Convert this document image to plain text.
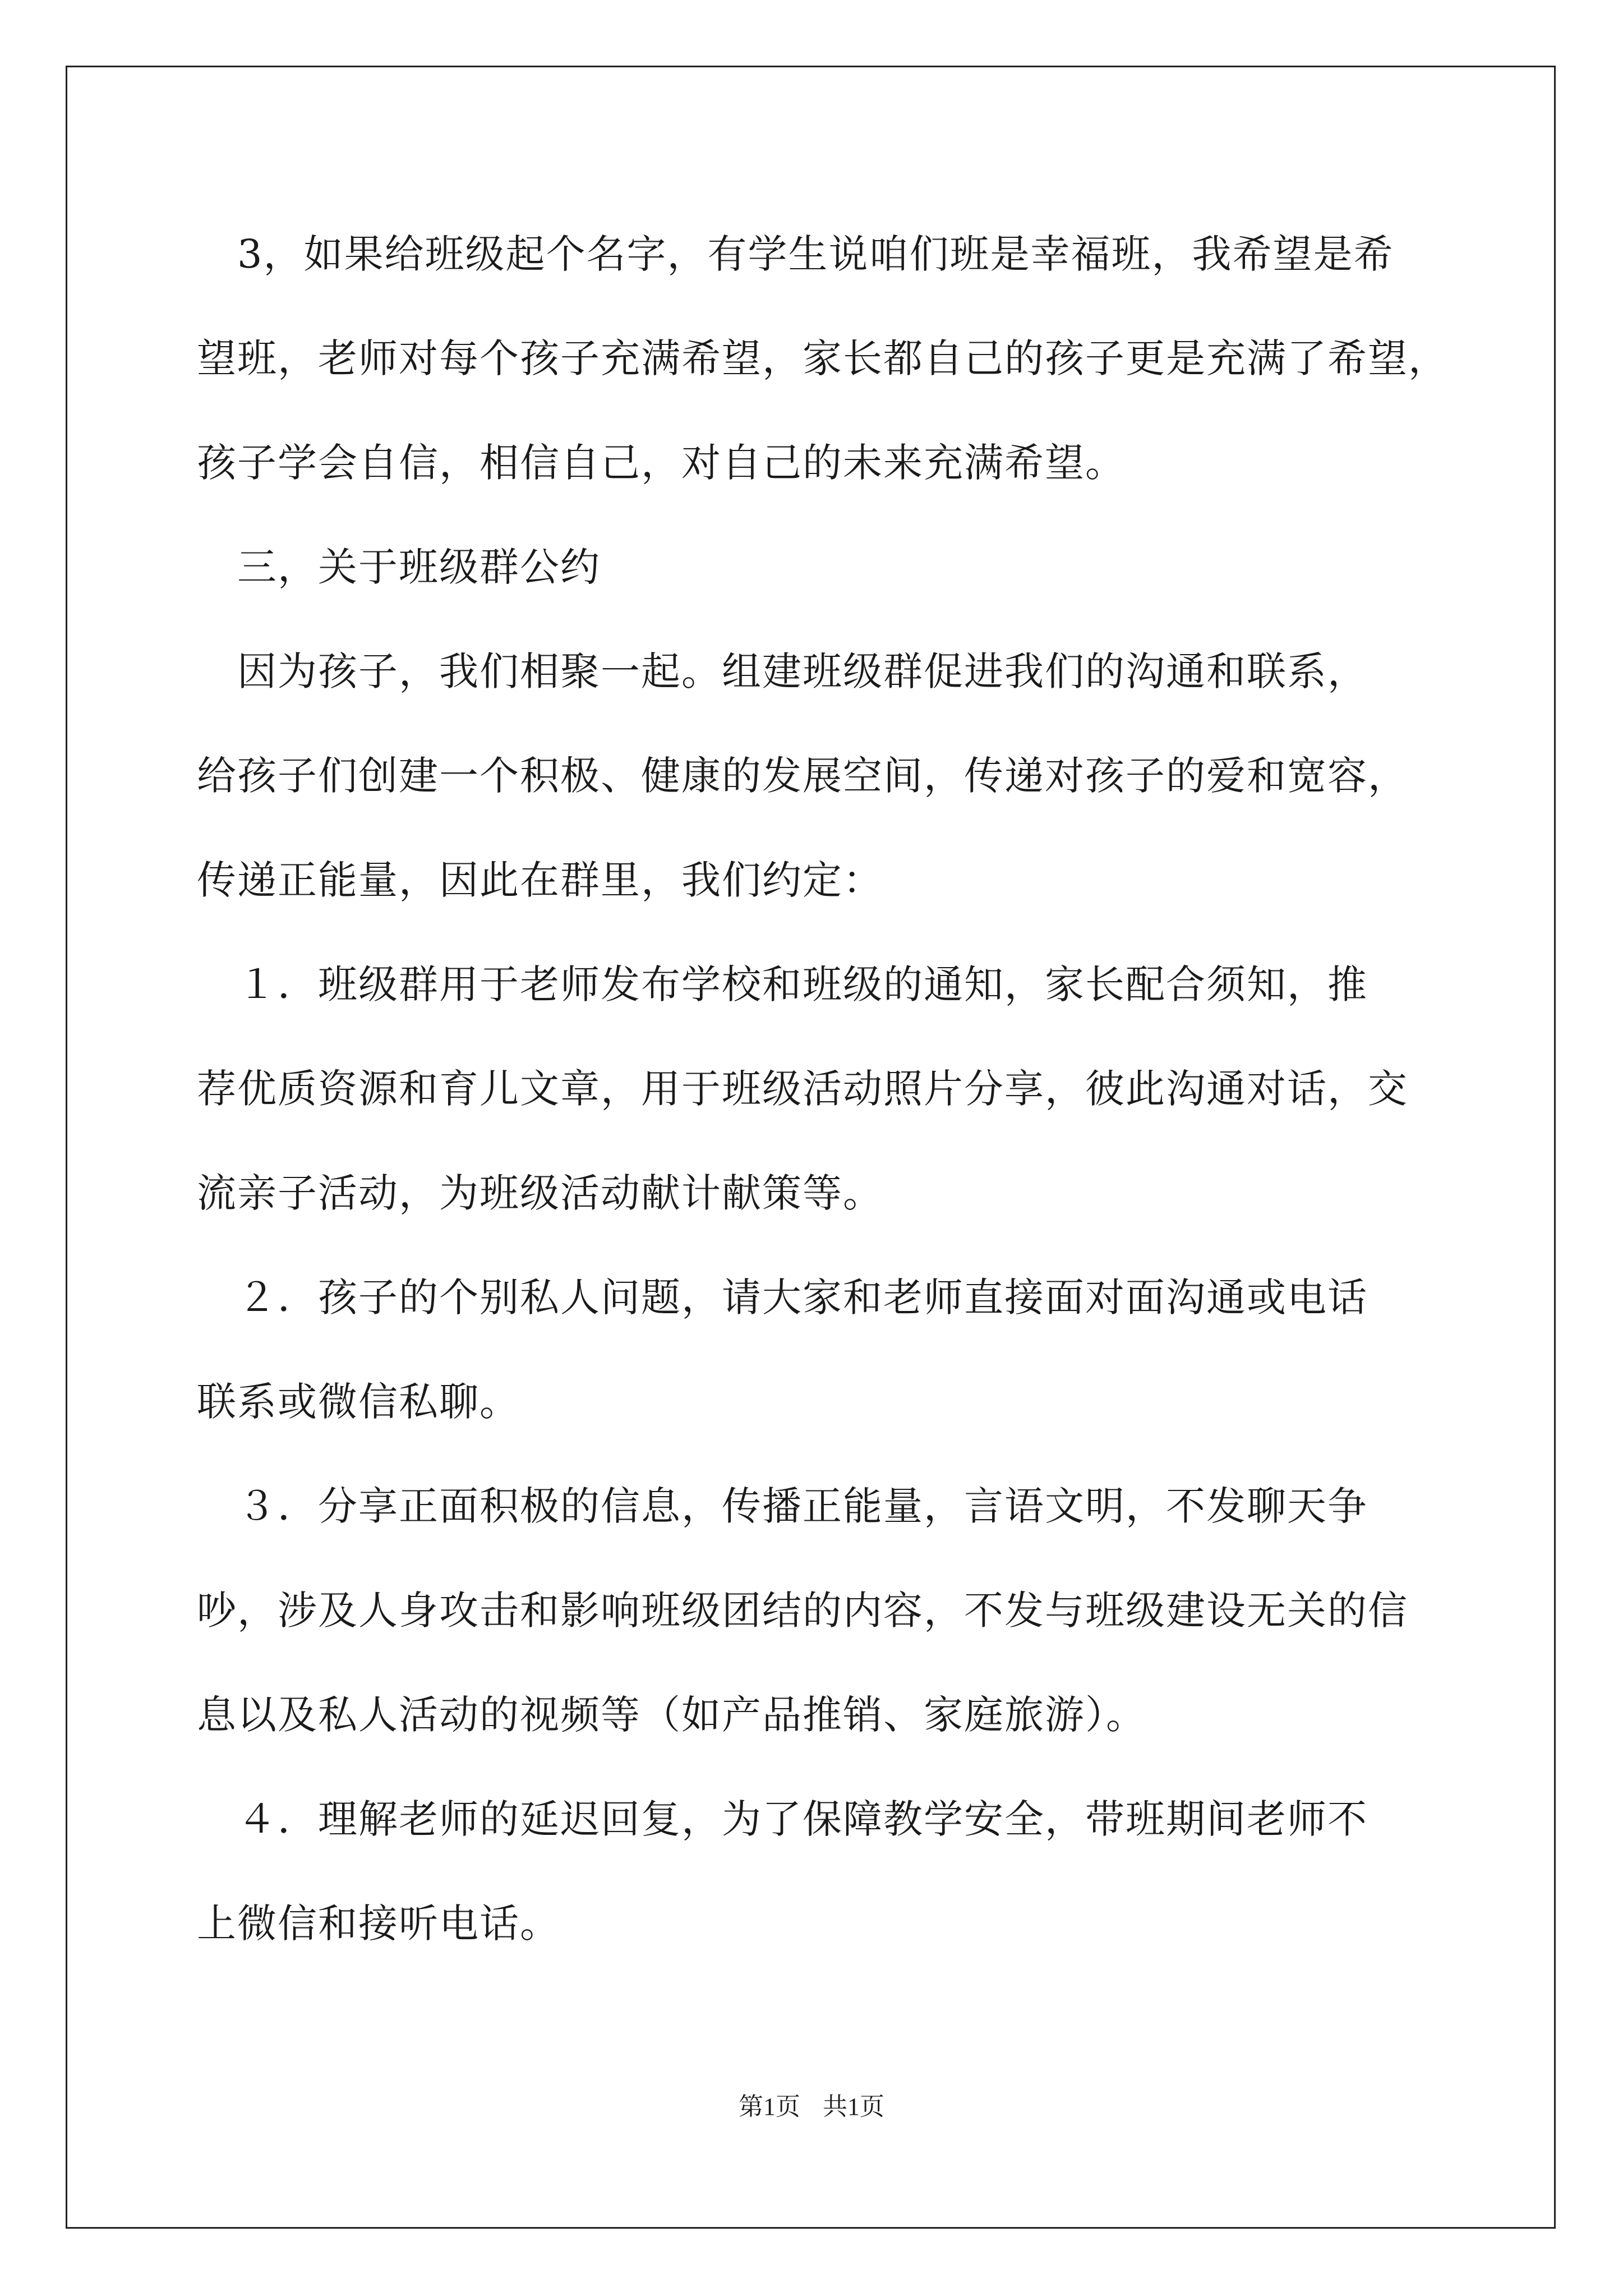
　3，如果给班级起个名字，有学生说咱们班是幸福班，我希望是希
望班，老师对每个孩子充满希望，家长都自己的孩子更是充满了希望，
孩子学会自信，相信自己，对自己的未来充满希望。
　三，关于班级群公约
　因为孩子，我们相聚一起。组建班级群促进我们的沟通和联系，
给孩子们创建一个积极、健康的发展空间，传递对孩子的爱和宽容，
传递正能量，因此在群里，我们约定：
　１．班级群用于老师发布学校和班级的通知，家长配合须知，推
荐优质资源和育儿文章，用于班级活动照片分享，彼此沟通对话，交
流亲子活动，为班级活动献计献策等。
　２．孩子的个别私人问题，请大家和老师直接面对面沟通或电话
联系或微信私聊。
　３．分享正面积极的信息，传播正能量，言语文明，不发聊天争
吵，涉及人身攻击和影响班级团结的内容，不发与班级建设无关的信
息以及私人活动的视频等（如产品推销、家庭旅游）。
　４．理解老师的延迟回复，为了保障教学安全，带班期间老师不
上微信和接听电话。
第1页 共1页
